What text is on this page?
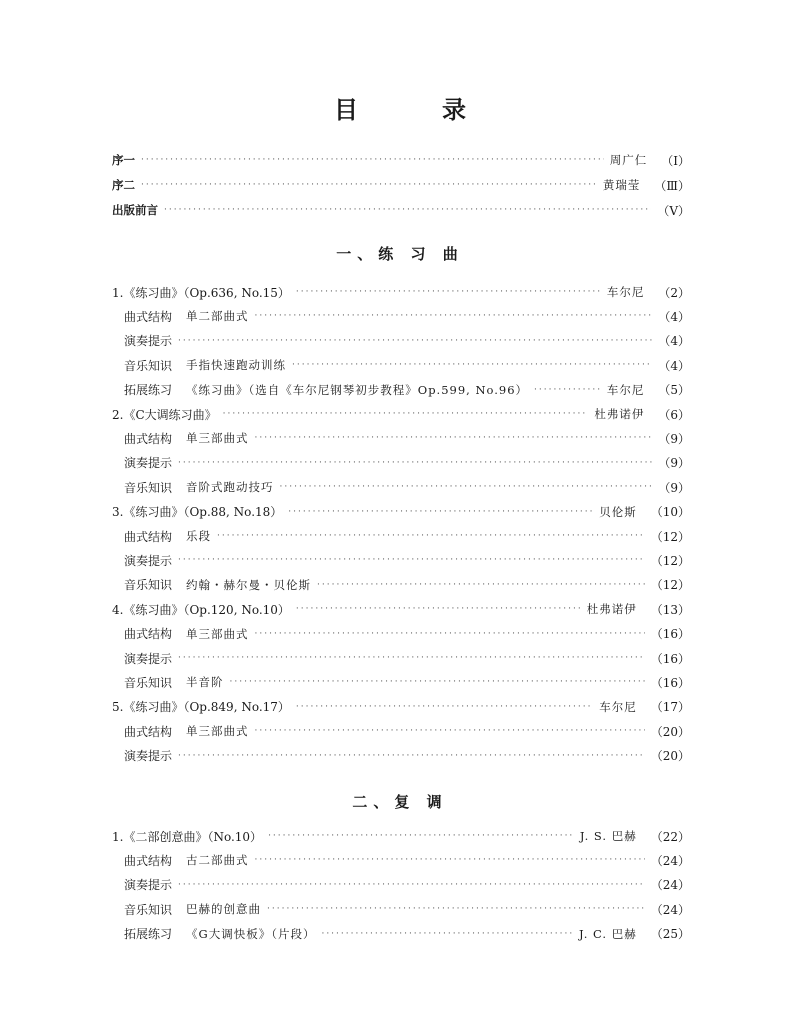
目　录
序一 ·····	周广仁 （Ⅰ）
序二 ·····	黄瑞莹 （Ⅲ）
出版前言 ·····	（Ⅴ）
一、练 习 曲
1.《练习曲》（Op.636, No.15） ·····	车尔尼 （2）
曲式结构 单二部曲式 ·····	（4）
演奏提示 ·····	（4）
音乐知识 手指快速跑动训练 ·····	（4）
拓展练习 《练习曲》（选自《车尔尼钢琴初步教程》Op.599, No.96） ·····	车尔尼 （5）
2.《C大调练习曲》 ·····	杜弗诺伊 （6）
曲式结构 单三部曲式 ·····	（9）
演奏提示 ·····	（9）
音乐知识 音阶式跑动技巧 ·····	（9）
3.《练习曲》（Op.88, No.18） ·····	贝伦斯 （10）
曲式结构 乐段 ·····	（12）
演奏提示 ·····	（12）
音乐知识 约翰・赫尔曼・贝伦斯 ·····	（12）
4.《练习曲》（Op.120, No.10） ·····	杜弗诺伊 （13）
曲式结构 单三部曲式 ·····	（16）
演奏提示 ·····	（16）
音乐知识 半音阶 ·····	（16）
5.《练习曲》（Op.849, No.17） ·····	车尔尼 （17）
曲式结构 单三部曲式 ·····	（20）
演奏提示 ·····	（20）
二、复 调
1.《二部创意曲》（No.10） ·····	J. S. 巴赫 （22）
曲式结构 古二部曲式 ·····	（24）
演奏提示 ·····	（24）
音乐知识 巴赫的创意曲 ·····	（24）
拓展练习 《G大调快板》（片段） ·····	J. C. 巴赫 （25）
